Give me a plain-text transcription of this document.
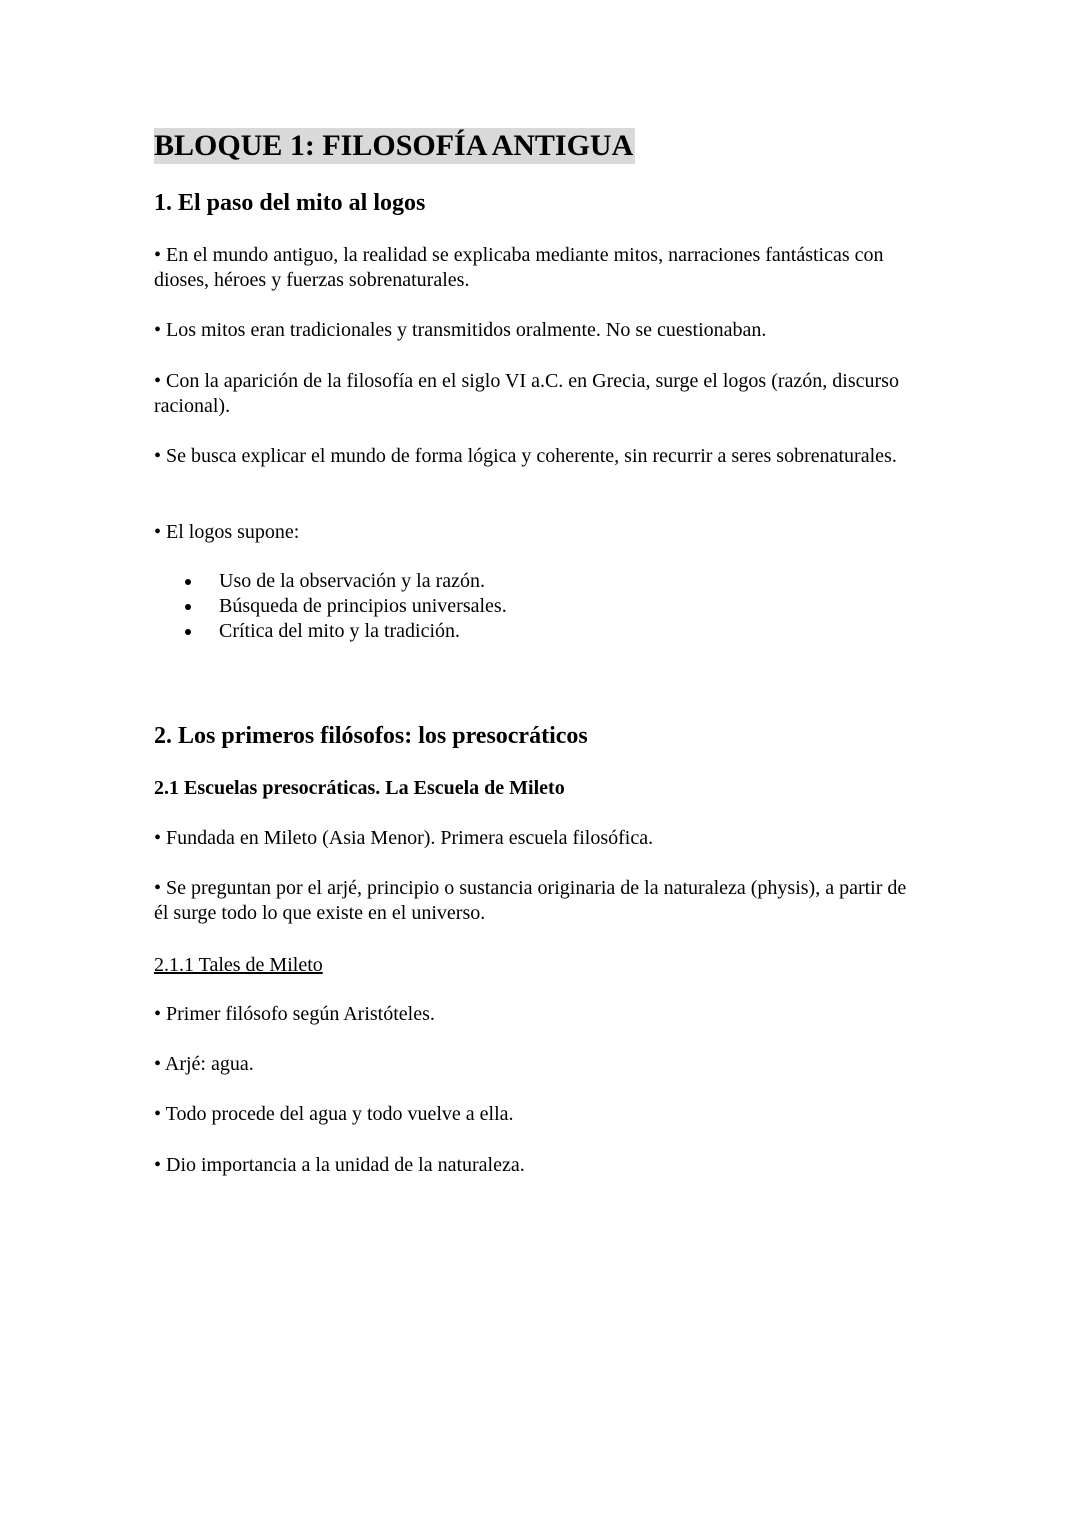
BLOQUE 1: FILOSOFÍA ANTIGUA
1. El paso del mito al logos
• En el mundo antiguo, la realidad se explicaba mediante mitos, narraciones fantásticas con dioses, héroes y fuerzas sobrenaturales.
• Los mitos eran tradicionales y transmitidos oralmente. No se cuestionaban.
• Con la aparición de la filosofía en el siglo VI a.C. en Grecia, surge el logos (razón, discurso racional).
• Se busca explicar el mundo de forma lógica y coherente, sin recurrir a seres sobrenaturales.
• El logos supone:
Uso de la observación y la razón.
Búsqueda de principios universales.
Crítica del mito y la tradición.
2. Los primeros filósofos: los presocráticos
2.1 Escuelas presocráticas. La Escuela de Mileto
• Fundada en Mileto (Asia Menor). Primera escuela filosófica.
• Se preguntan por el arjé, principio o sustancia originaria de la naturaleza (physis), a partir de él surge todo lo que existe en el universo.
2.1.1 Tales de Mileto
• Primer filósofo según Aristóteles.
• Arjé: agua.
• Todo procede del agua y todo vuelve a ella.
• Dio importancia a la unidad de la naturaleza.
